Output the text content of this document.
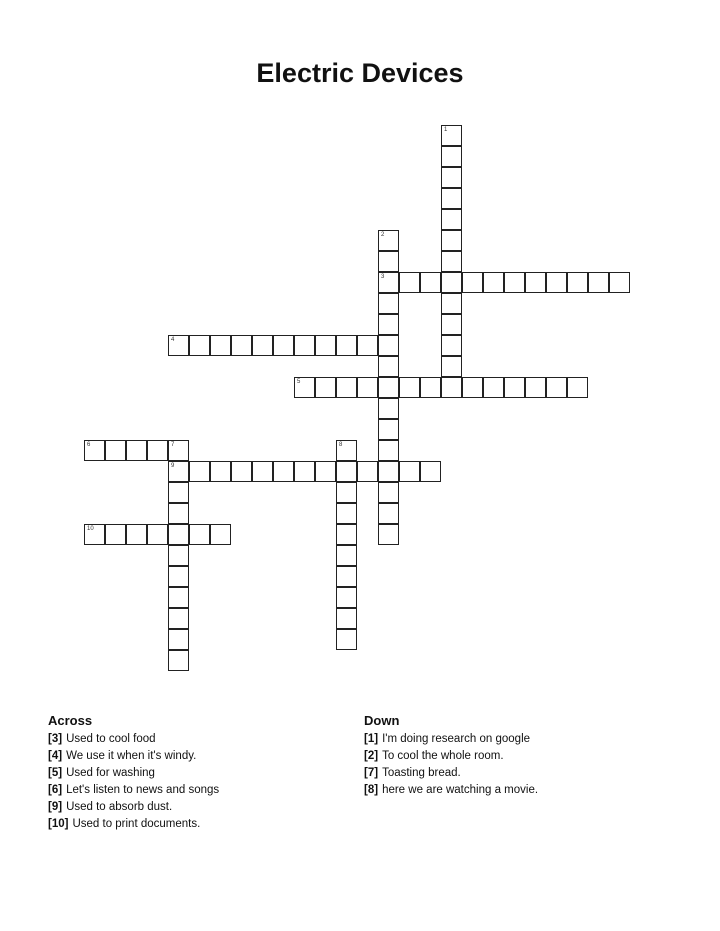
Electric Devices
1
2
3
4
5
6	7
9
8
10
Across
[3] Used to cool food
[4] We use it when it's windy.
[5] Used for washing
[6] Let's listen to news and songs
[9] Used to absorb dust.
[10] Used to print documents.
Down
[1] I'm doing research on google
[2] To cool the whole room.
[7] Toasting bread.
[8] here we are watching a movie.
